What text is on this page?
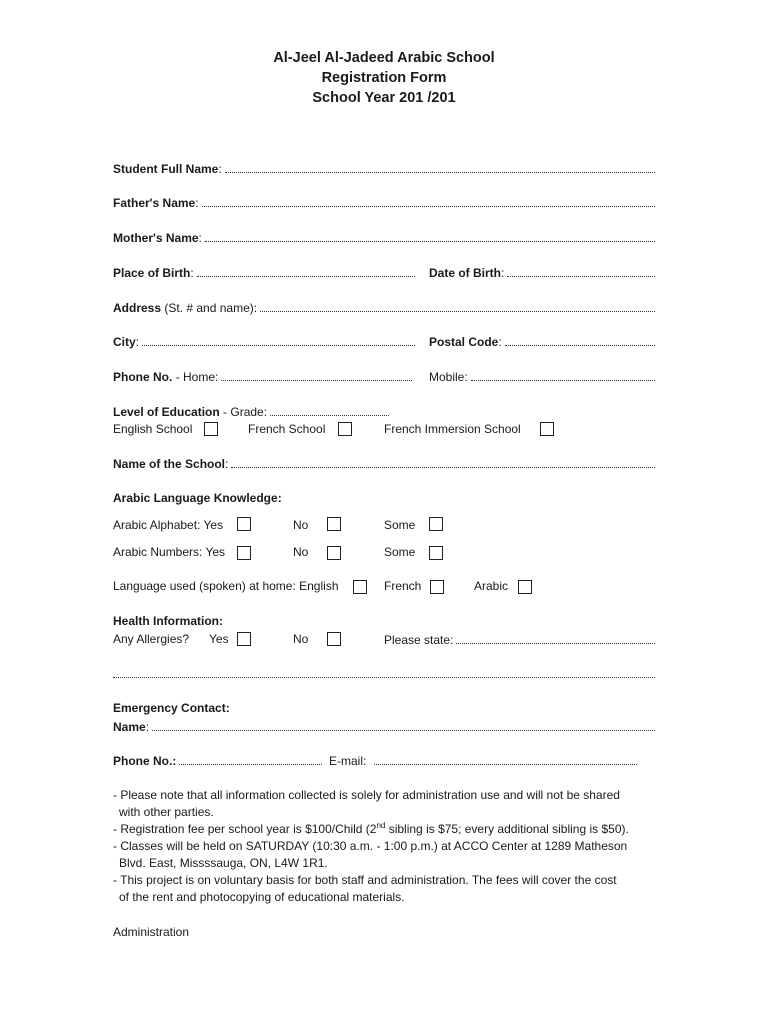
Al-Jeel Al-Jadeed Arabic School
Registration Form
School Year 201 /201
Student Full Name :
Father's Name :
Mother's Name :
Place of Birth :	Date of Birth :
Address
(St. # and name):
City :	Postal Code :
Phone No.
- Home:	Mobile:
Level of Education
- Grade:
English School	French School	French Immersion School
Name of the School :
Arabic Language Knowledge:
Arabic Alphabet: Yes	No	Some
Arabic Numbers: Yes	No	Some
Language used (spoken) at home: English	French	Arabic
Health Information:
Any Allergies? Yes	No	Please state:
Emergency Contact:
Name :
Phone No.:	E-mail:

- Please note that all information collected is solely for administration use and will not be shared

with other parties.

- Registration fee per school year is $100/Child (2nd sibling is $75; every additional sibling is $50).

- Classes will be held on SATURDAY (10:30 a.m. - 1:00 p.m.) at ACCO Center at 1289 Matheson

Blvd. East, Missssauga, ON, L4W 1R1.

- This project is on voluntary basis for both staff and administration. The fees will cover the cost

of the rent and photocopying of educational materials.

Administration
